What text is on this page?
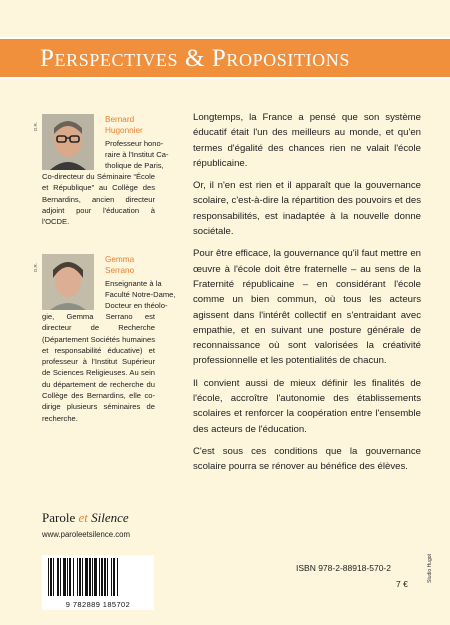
Perspectives & Propositions
D.R.
Bernard
Hugonnier
Professeur hono-
raire à l'Institut Ca-
tholique de Paris,
Co-directeur du Séminaire “École et République” au Collège des Bernardins, ancien directeur adjoint pour l'éducation à l'OCDE.
D.R.
Gemma
Serrano
Enseignante à la
Faculté Notre-Dame,
Docteur en théolo-
gie, Gemma Serrano est directeur de Recherche (Département Sociétés humaines et responsabilité éducative) et professeur à l'Institut Supérieur de Sciences Religieuses. Au sein du département de recherche du Collège des Bernardins, elle co-dirige plusieurs séminaires de recherche.

Longtemps, la France a pensé que son système éducatif était l'un des meilleurs au monde, et qu'en termes d'égalité des chances rien ne valait l'école républicaine.

Or, il n'en est rien et il apparaît que la gouvernance scolaire, c'est-à-dire la répartition des pouvoirs et des responsabilités, est inadaptée à la nouvelle donne sociétale.

Pour être efficace, la gouvernance qu'il faut mettre en œuvre à l'école doit être fraternelle – au sens de la Fraternité républicaine – en considérant l'école comme un bien commun, où tous les acteurs agissent dans l'intérêt collectif en s'entraidant avec empathie, et en suivant une posture générale de reconnaissance où sont valorisées la créativité professionnelle et les potentialités de chacun.

Il convient aussi de mieux définir les finalités de l'école, accroître l'autonomie des établissements scolaires et renforcer la coopération entre l'ensemble des acteurs de l'éducation.

C'est sous ces conditions que la gouvernance scolaire pourra se rénover au bénéfice des élèves.

Parole et Silence
www.paroleetsilence.com
9 782889 185702
ISBN 978-2-88918-570-2
7 €
Studio Hugot
